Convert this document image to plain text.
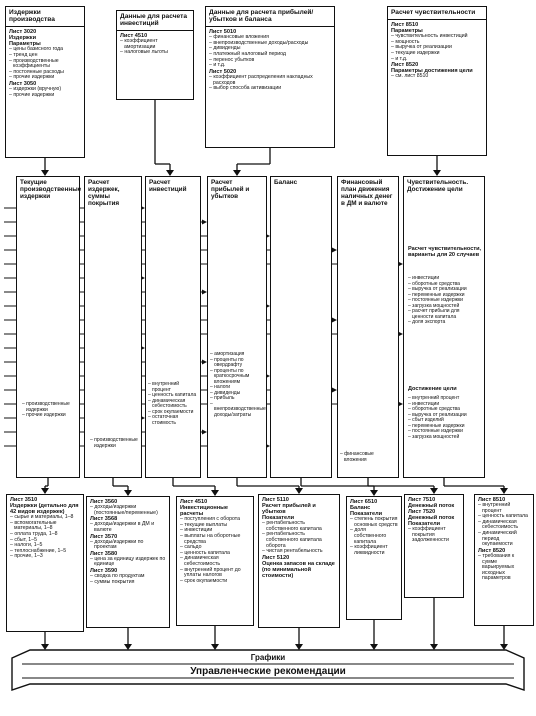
Издержки производства
Лист 3020
Издержки
Параметры
– цены базисного года
– тренд цен
– производственные коэффициенты
– постоянные расходы
– прочие издержки
Лист 3050
– издержки (вручную)
– прочие издержки
Данные для расчета инвестиций
Лист 4510
– коэффициент амортизации
– налоговые льготы
Данные для расчета прибылей/убытков и баланса
Лист 5010
– финансовые вложения
– внепроизводственные доходы/расходы
– дивиденды
– платежный налоговый период
– перенос убытков
– и т.д.
Лист 5020
– коэффициент распределения накладных расходов
– выбор способа активизации
Расчет чувствительности
Лист 8510
Параметры
– чувствительность инвестиций
– мощность
– выручка от реализации
– текущие издержки
– и т.д.
Лист 8520
Параметры достижения цели
– см. лист 8510
Текущие производственные издержки
Расчет издержек, суммы покрытия
Расчет инвестиций
Расчет прибылей и убытков
Баланс	Финансовый план движения наличных денег в ДМ и валюте
Чувствительность. Достижение цели
– производственные издержки
– прочие издержки
– производственные издержки
– внутренний процент
– ценность капитала
– динамическая себестоимость
– срок окупаемости
– остаточная стоимость
– амортизация
– проценты по овердрафту
– проценты по краткосрочным вложениям
– налоги
– дивиденды
– прибыль
– внепроизводственные доходы/затраты
– финансовые вложения
Расчет чувствительности, варианты для 20 случаев
– инвестиции
– оборотные средства
– выручка от реализации
– переменные издержки
– постоянные издержки
– загрузка мощностей
– расчет прибыли для ценности капитала
– доля экспорта
Достижение цели
– внутренний процент
– инвестиции
– оборотные средства
– выручка от реализации
– сбыт изделий
– переменные издержки
– постоянные издержки
– загрузка мощностей
Лист 3510
Издержки (детально для 42 видов издержек)
– сырье и материалы, 1–8
– вспомогательные материалы, 1–8
– оплата труда, 1–8
– сбыт, 1–5
– налоги, 1–5
– теплоснабжение, 1–5
– прочие, 1–3
Лист 3560
– доходы/издержки (постоянные/переменные)
Лист 3568
– доходы/издержки в ДМ и валюте
Лист 3570
– доходы/издержки по проектам
Лист 3580
– цена за единицу издержек по единице
Лист 3590
– сводка по продуктам
– суммы покрытия
Лист 4510
Инвестиционные расчеты
– поступления с оборота
– текущие выплаты
– инвестиции
– выплаты на оборотные средства
– сальдо
– ценность капитала
– динамическая себестоимость
– внутренний процент до уплаты налогов
– срок окупаемости
Лист 5110
Расчет прибылей и убытков
Показатели
– рентабельность собственного капитала
– рентабельность собственного капитала оборота
– чистая рентабельность
Лист 5120
Оценка запасов на складе (по минимальной стоимости)
Лист 6510
Баланс
Показатели
– степень покрытия основных средств
– доля собственного капитала
– коэффициент ликвидности
Лист 7510
Денежный поток
Лист 7520
Денежный поток
Показатели
– коэффициент покрытия задолженности
Лист 8510
– внутренний процент
– ценность капитала
– динамическая себестоимость
– динамический период окупаемости
Лист 8520
– требования к сумме варьируемых исходных параметров
Графики
Управленческие рекомендации
